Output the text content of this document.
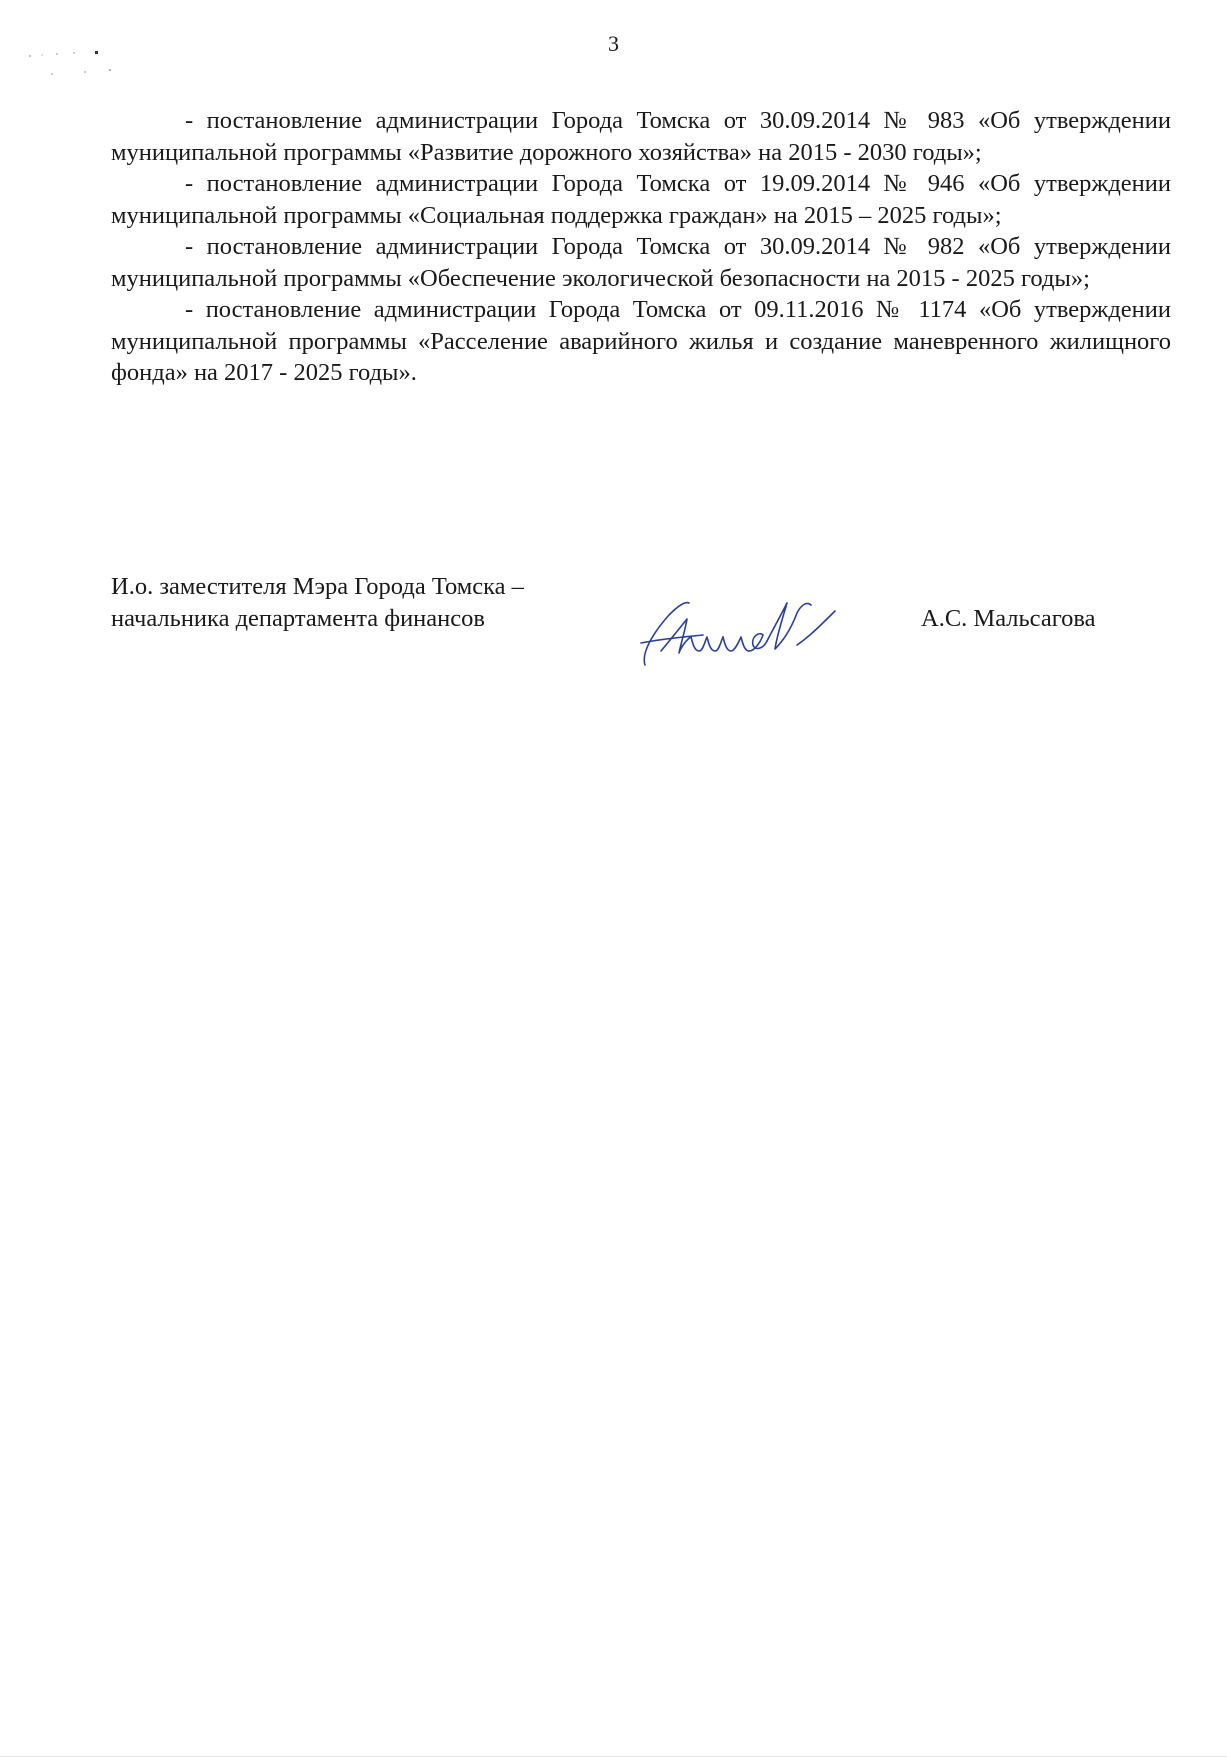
3

- постановление администрации Города Томска от 30.09.2014 № 983 «Об утверждении муниципальной программы «Развитие дорожного хозяйства» на 2015 - 2030 годы»;

- постановление администрации Города Томска от 19.09.2014 № 946 «Об утверждении муниципальной программы «Социальная поддержка граждан» на 2015 – 2025 годы»;

- постановление администрации Города Томска от 30.09.2014 № 982 «Об утверждении муниципальной программы «Обеспечение экологической безопасности на 2015 - 2025 годы»;

- постановление администрации Города Томска от 09.11.2016 № 1174 «Об утверждении муниципальной программы «Расселение аварийного жилья и создание маневренного жилищного фонда» на 2017 - 2025 годы».

И.о. заместителя Мэра Города Томска –
начальника департамента финансов	А.С. Мальсагова
